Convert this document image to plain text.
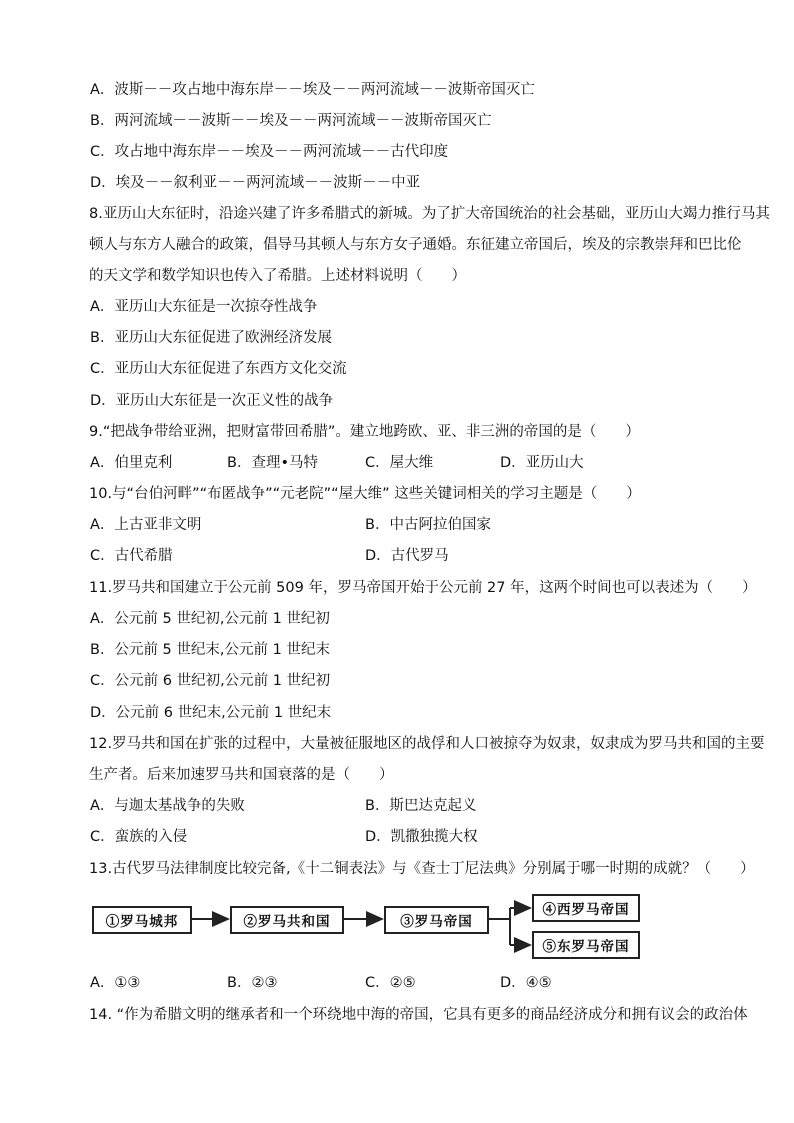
A．波斯－－攻占地中海东岸－－埃及－－两河流域－－波斯帝国灭亡
B．两河流域－－波斯－－埃及－－两河流域－－波斯帝国灭亡
C．攻占地中海东岸－－埃及－－两河流域－－古代印度
D．埃及－－叙利亚－－两河流域－－波斯－－中亚
8.亚历山大东征时，沿途兴建了许多希腊式的新城。为了扩大帝国统治的社会基础，亚历山大竭力推行马其
顿人与东方人融合的政策，倡导马其顿人与东方女子通婚。东征建立帝国后，埃及的宗教崇拜和巴比伦
的天文学和数学知识也传入了希腊。上述材料说明（　　）
A．亚历山大东征是一次掠夺性战争
B．亚历山大东征促进了欧洲经济发展
C．亚历山大东征促进了东西方文化交流
D．亚历山大东征是一次正义性的战争
9.“把战争带给亚洲，把财富带回希腊”。建立地跨欧、亚、非三洲的帝国的是（　　）
A．伯里克利	B．查理•马特	C．屋大维	D．亚历山大
10.与“台伯河畔”“布匿战争”“元老院”“屋大维” 这些关键词相关的学习主题是（　　）
A．上古亚非文明	B．中古阿拉伯国家
C．古代希腊	D．古代罗马
11.罗马共和国建立于公元前 509 年，罗马帝国开始于公元前 27 年，这两个时间也可以表述为（　　）
A．公元前 5 世纪初,公元前 1 世纪初
B．公元前 5 世纪末,公元前 1 世纪末
C．公元前 6 世纪初,公元前 1 世纪初
D．公元前 6 世纪末,公元前 1 世纪末
12.罗马共和国在扩张的过程中，大量被征服地区的战俘和人口被掠夺为奴隶，奴隶成为罗马共和国的主要
生产者。后来加速罗马共和国衰落的是（　　）
A．与迦太基战争的失败	B．斯巴达克起义
C．蛮族的入侵	D．凯撒独揽大权
13.古代罗马法律制度比较完备,《十二铜表法》与《查士丁尼法典》分别属于哪一时期的成就？（　　）
①罗马城邦	②罗马共和国	③罗马帝国
④西罗马帝国
⑤东罗马帝国
A．①③	B．②③	C．②⑤	D．④⑤
14. “作为希腊文明的继承者和一个环绕地中海的帝国，它具有更多的商品经济成分和拥有议会的政治体
